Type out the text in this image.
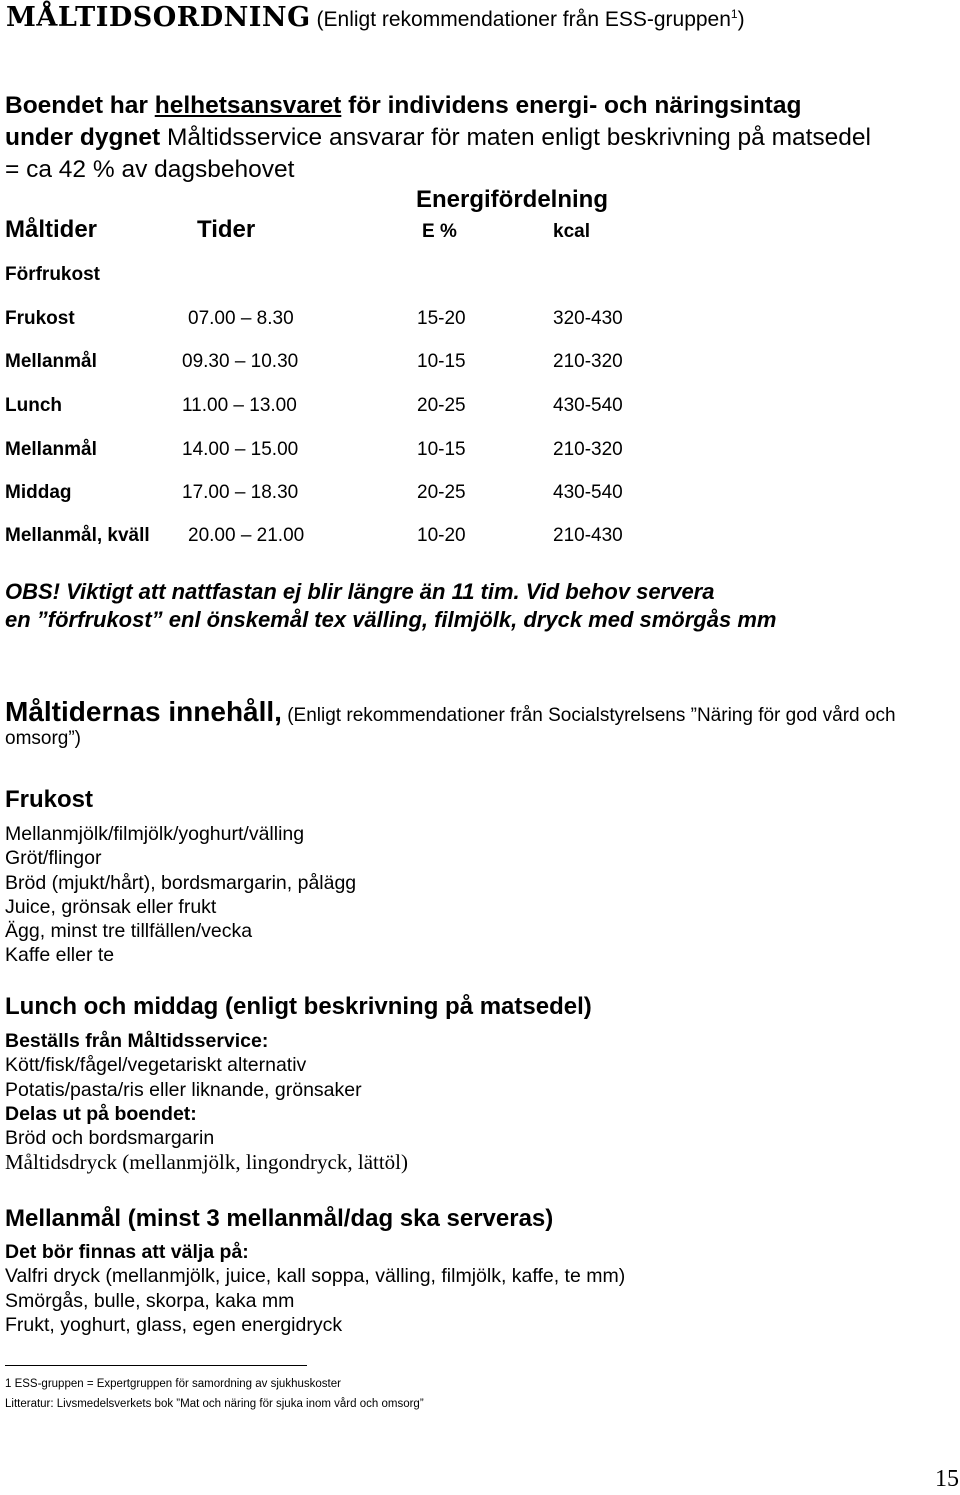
MÅLTIDSORDNING (Enligt rekommendationer från ESS-gruppen$^1$)
Boendet har helhetsansvaret för individens energi- och näringsintag
under dygnet Måltidsservice ansvarar för maten enligt beskrivning på matsedel
= ca 42 % av dagsbehovet
Energifördelning
Måltider	Tider	E %	kcal
Förfrukost
Frukost	07.00 – 8.30	15-20	320-430
Mellanmål	09.30 – 10.30	10-15	210-320
Lunch	11.00 – 13.00	20-25	430-540
Mellanmål	14.00 – 15.00	10-15	210-320
Middag	17.00 – 18.30	20-25	430-540
Mellanmål, kväll 20.00 – 21.00	10-20	210-430
OBS! Viktigt att nattfastan ej blir längre än 11 tim. Vid behov servera
en ”förfrukost” enl önskemål tex välling, filmjölk, dryck med smörgås mm
Måltidernas innehåll, (Enligt rekommendationer från Socialstyrelsens ”Näring för god vård och omsorg”)
Frukost
Mellanmjölk/filmjölk/yoghurt/välling
Gröt/flingor
Bröd (mjukt/hårt), bordsmargarin, pålägg
Juice, grönsak eller frukt
Ägg, minst tre tillfällen/vecka
Kaffe eller te
Lunch och middag (enligt beskrivning på matsedel)
Beställs från Måltidsservice:
Kött/fisk/fågel/vegetariskt alternativ
Potatis/pasta/ris eller liknande, grönsaker
Delas ut på boendet:
Bröd och bordsmargarin
Måltidsdryck (mellanmjölk, lingondryck, lättöl)
Mellanmål (minst 3 mellanmål/dag ska serveras)
Det bör finnas att välja på:
Valfri dryck (mellanmjölk, juice, kall soppa, välling, filmjölk, kaffe, te mm)
Smörgås, bulle, skorpa, kaka mm
Frukt, yoghurt, glass, egen energidryck
1 ESS-gruppen = Expertgruppen för samordning av sjukhuskoster
Litteratur: Livsmedelsverkets bok ”Mat och näring för sjuka inom vård och omsorg”
15
